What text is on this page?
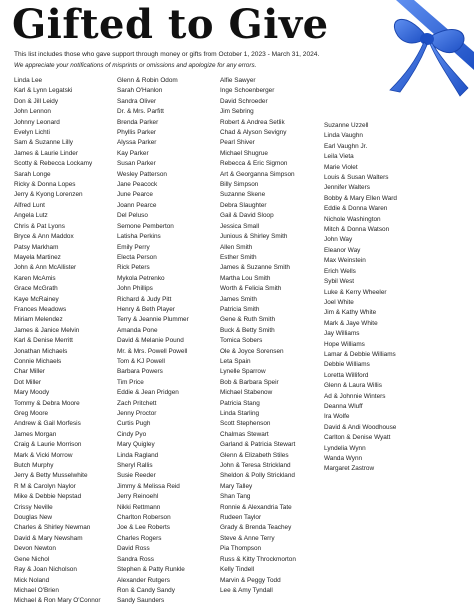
Gifted to Give

This list includes those who gave support through money or gifts from October 1, 2023 - March 31, 2024.

We appreciate your notifications of misprints or omissions and apologize for any errors.

Linda Lee
Karl & Lynn Legatski
Don & Jill Leidy
John Lennon
Johnny Leonard
Evelyn Lichti
Sam & Suzanne Lilly
James & Laurie Linder
Scotty & Rebecca Lockamy
Sarah Longe
Ricky & Donna Lopes
Jerry & Kyong Lorenzen
Alfred Lunt
Angela Lutz
Chris & Pat Lyons
Bryce & Ann Maddox
Patsy Markham
Mayela Martinez
John & Ann McAllister
Karen McAmis
Grace McGrath
Kaye McRainey
Frances Meadows
Miriam Melendez
James & Janice Melvin
Karl & Denise Merritt
Jonathan Michaels
Connie Michaels
Char Miller
Dot Miller
Mary Moody
Tommy & Debra Moore
Greg Moore
Andrew & Gail Morfesis
James Morgan
Craig & Laurie Morrison
Mark & Vicki Morrow
Butch Murphy
Jerry & Betty Musselwhite
R M & Carolyn Naylor
Mike & Debbie Nepstad
Crissy Neville
Douglas New
Charles & Shirley Newman
David & Mary Newsham
Devon Newton
Gene Nichol
Ray & Joan Nicholson
Mick Noland
Michael O'Brien
Michael & Ron Mary O'Connor
Glenn & Robin Odom
Sarah O'Hanlon
Sandra Oliver
Dr. & Mrs. Parfitt
Brenda Parker
Phyllis Parker
Alyssa Parker
Kay Parker
Susan Parker
Wesley Patterson
Jane Peacock
June Pearce
Joann Pearce
Del Peluso
Semone Pemberton
Latisha Perkins
Emily Perry
Electa Person
Rick Peters
Mykola Petrenko
John Phillips
Richard & Judy Pitt
Henry & Beth Player
Terry & Jeannie Plummer
Amanda Pone
David & Melanie Pound
Mr. & Mrs. Powell Powell
Tom & KJ Powell
Barbara Powers
Tim Price
Eddie & Jean Pridgen
Zach Pritchett
Jenny Proctor
Curtis Pugh
Cindy Pyo
Mary Quigley
Linda Ragland
Sheryl Rallis
Susie Reeder
Jimmy & Melissa Reid
Jerry Reinoehl
Nikki Rettmann
Charlton Roberson
Joe & Lee Roberts
Charles Rogers
David Ross
Sandra Ross
Stephen & Patty Runkle
Alexander Rutgers
Ron & Candy Sandy
Sandy Saunders
Alfie Sawyer
Inge Schoenberger
David Schroeder
Jim Sebring
Robert & Andrea Setlik
Chad & Alyson Sevigny
Pearl Shiver
Michael Shugrue
Rebecca & Eric Sigmon
Art & Georganna Simpson
Billy Simpson
Suzanne Skene
Debra Slaughter
Gail & David Sloop
Jessica Small
Junious & Shirley Smith
Allen Smith
Esther Smith
James & Suzanne Smith
Martha Lou Smith
Worth & Felicia Smith
James Smith
Patricia Smith
Gene & Ruth Smith
Buck & Betty Smith
Tomica Sobers
Ole & Joyce Sorensen
Leta Spain
Lynelle Sparrow
Bob & Barbara Speir
Michael Stabenow
Patricia Stang
Linda Starling
Scott Stephenson
Chalmas Stewart
Garland & Patricia Stewart
Glenn & Elizabeth Stiles
John & Teresa Strickland
Sheldon & Polly Strickland
Mary Talley
Shan Tang
Ronnie & Alexandria Tate
Rudeen Taylor
Grady & Brenda Teachey
Steve & Anne Terry
Pia Thompson
Russ & Kitty Throckmorton
Kelly Tindell
Marvin & Peggy Todd
Lee & Amy Tyndall
Suzanne Uzzell
Linda Vaughn
Earl Vaughn Jr.
Leila Vieta
Marie Violet
Louis & Susan Walters
Jennifer Walters
Bobby & Mary Ellen Ward
Eddie & Donna Waren
Nichole Washington
Mitch & Donna Watson
John Way
Eleanor Way
Max Weinstein
Erich Wells
Sybil West
Luke & Kerry Wheeler
Joel White
Jim & Kathy White
Mark & Jaye White
Jay Williams
Hope Williams
Lamar & Debbie Williams
Debbie Williams
Loretta Williford
Glenn & Laura Willis
Ad & Johnnie Winters
Deanna Wluff
Ira Wolfe
David & Andi Woodhouse
Carlton & Denise Wyatt
Lyndelia Wynn
Wanda Wynn
Margaret Zastrow
